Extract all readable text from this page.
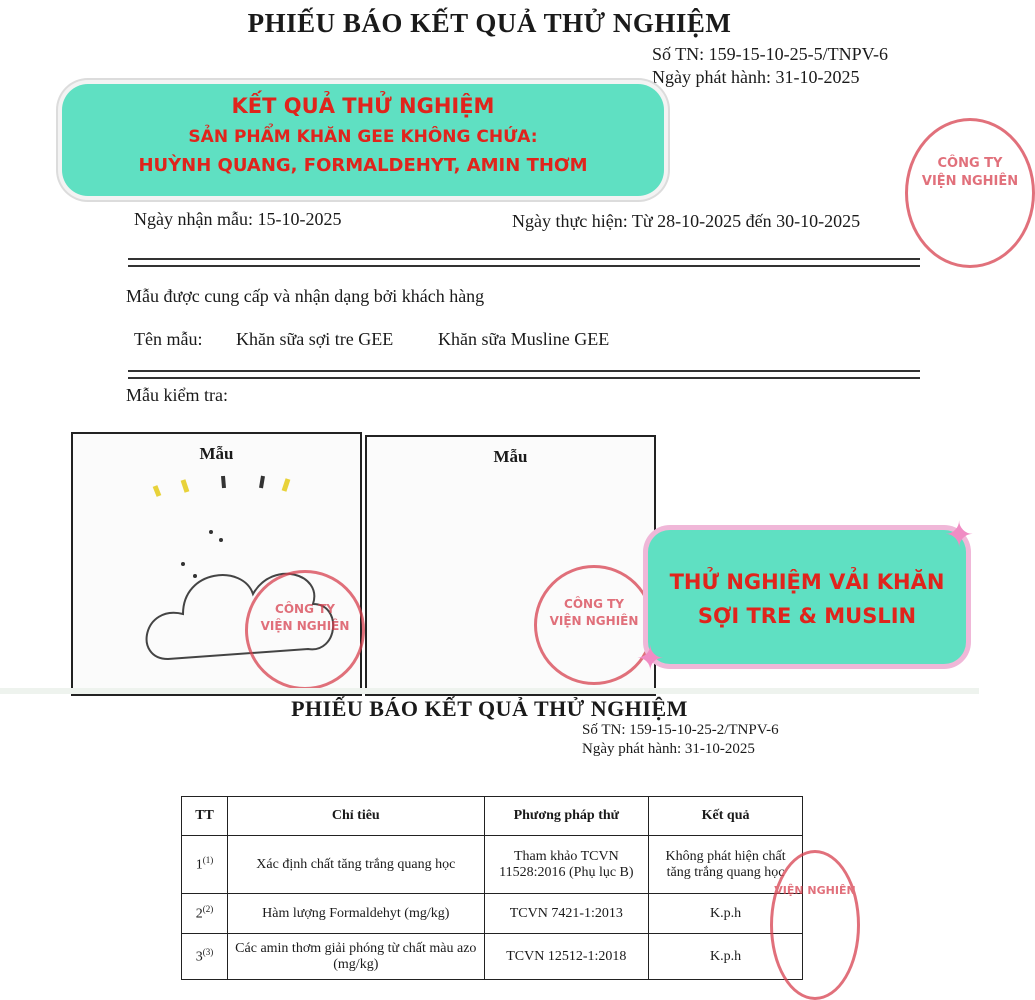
PHIẾU BÁO KẾT QUẢ THỬ NGHIỆM
Số TN: 159-15-10-25-5/TNPV-6
Ngày phát hành: 31-10-2025
CÔNG TY
VIỆN NGHIÊN
KẾT QUẢ THỬ NGHIỆM
SẢN PHẨM KHĂN GEE KHÔNG CHỨA:
HUỲNH QUANG, FORMALDEHYT, AMIN THƠM
Ngày nhận mẫu: 15-10-2025	Ngày thực hiện: Từ 28-10-2025 đến 30-10-2025
Mẫu được cung cấp và nhận dạng bởi khách hàng
Tên mẫu: Khăn sữa sợi tre GEE Khăn sữa Musline GEE
Mẫu kiểm tra:
Mẫu
CÔNG TY
VIỆN NGHIÊN
Mẫu
CÔNG TY
VIỆN NGHIÊN
THỬ NGHIỆM VẢI KHĂN
SỢI TRE & MUSLIN
✦
✦
PHIẾU BÁO KẾT QUẢ THỬ NGHIỆM
Số TN: 159-15-10-25-2/TNPV-6
Ngày phát hành: 31-10-2025
TT	Chỉ tiêu	Phương pháp thử	Kết quả
1$^{(1)}$	Xác định chất tăng trắng quang học	Tham khảo TCVN 11528:2016 (Phụ lục B)	Không phát hiện chất tăng trắng quang học
2$^{(2)}$	Hàm lượng Formaldehyt (mg/kg)	TCVN 7421-1:2013	K.p.h
3$^{(3)}$	Các amin thơm giải phóng từ chất màu azo (mg/kg)	TCVN 12512-1:2018	K.p.h
VIỆN NGHIÊN
